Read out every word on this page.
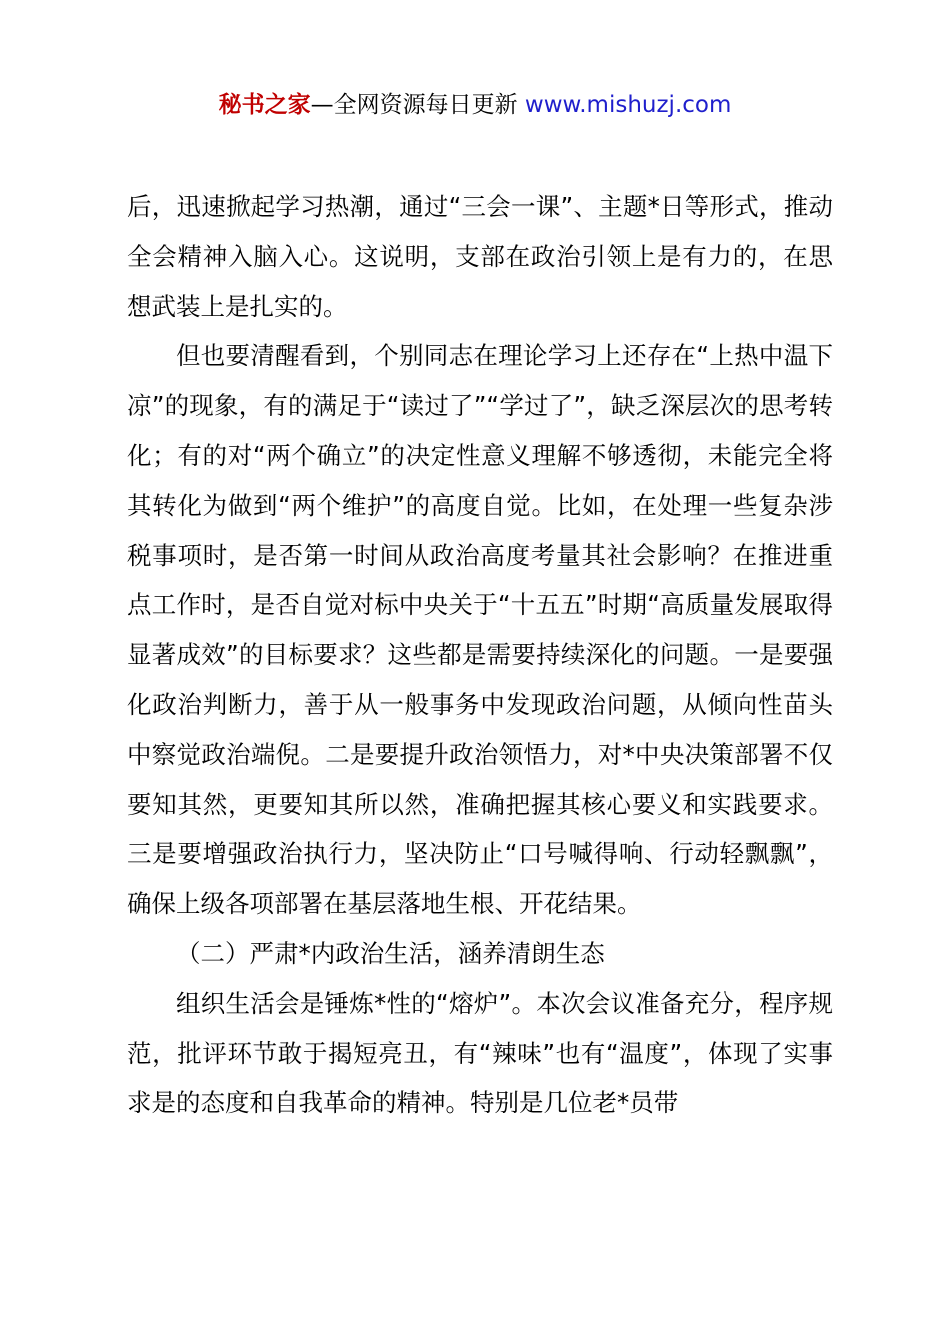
秘书之家—全网资源每日更新 www.mishuzj.com

后，迅速掀起学习热潮，通过“三会一课”、主题*日等形式，推动全会精神入脑入心。这说明，支部在政治引领上是有力的，在思想武装上是扎实的。

但也要清醒看到，个别同志在理论学习上还存在“上热中温下凉”的现象，有的满足于“读过了”“学过了”，缺乏深层次的思考转化；有的对“两个确立”的决定性意义理解不够透彻，未能完全将其转化为做到“两个维护”的高度自觉。比如，在处理一些复杂涉税事项时，是否第一时间从政治高度考量其社会影响？在推进重点工作时，是否自觉对标中央关于“十五五”时期“高质量发展取得显著成效”的目标要求？这些都是需要持续深化的问题。一是要强化政治判断力，善于从一般事务中发现政治问题，从倾向性苗头中察觉政治端倪。二是要提升政治领悟力，对*中央决策部署不仅要知其然，更要知其所以然，准确把握其核心要义和实践要求。三是要增强政治执行力，坚决防止“口号喊得响、行动轻飘飘”，确保上级各项部署在基层落地生根、开花结果。

（二）严肃*内政治生活，涵养清朗生态

组织生活会是锤炼*性的“熔炉”。本次会议准备充分，程序规范，批评环节敢于揭短亮丑，有“辣味”也有“温度”，体现了实事求是的态度和自我革命的精神。特别是几位老*员带
